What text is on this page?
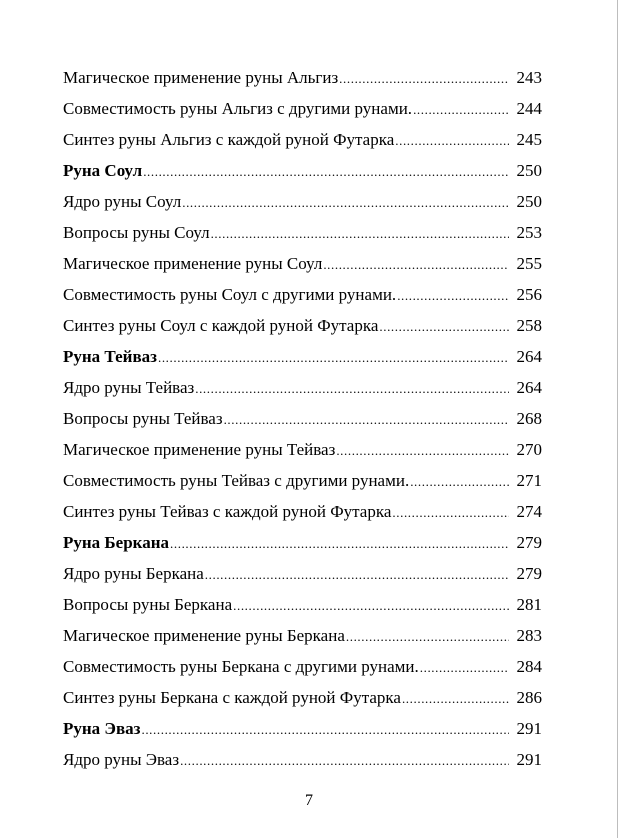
Магическое применение руны Альгиз .....	243
Совместимость руны Альгиз с другими рунами. .....	244
Синтез руны Альгиз с каждой руной Футарка .....	245
Руна Соул .....	250
Ядро руны Соул .....	250
Вопросы руны Соул .....	253
Магическое применение руны Соул .....	255
Совместимость руны Соул с другими рунами. .....	256
Синтез руны Соул с каждой руной Футарка .....	258
Руна Тейваз .....	264
Ядро руны Тейваз .....	264
Вопросы руны Тейваз .....	268
Магическое применение руны Тейваз .....	270
Совместимость руны Тейваз с другими рунами. .....	271
Синтез руны Тейваз с каждой руной Футарка .....	274
Руна Беркана .....	279
Ядро руны Беркана .....	279
Вопросы руны Беркана .....	281
Магическое применение руны Беркана .....	283
Совместимость руны Беркана с другими рунами. .....	284
Синтез руны Беркана с каждой руной Футарка .....	286
Руна Эваз .....	291
Ядро руны Эваз .....	291
7
